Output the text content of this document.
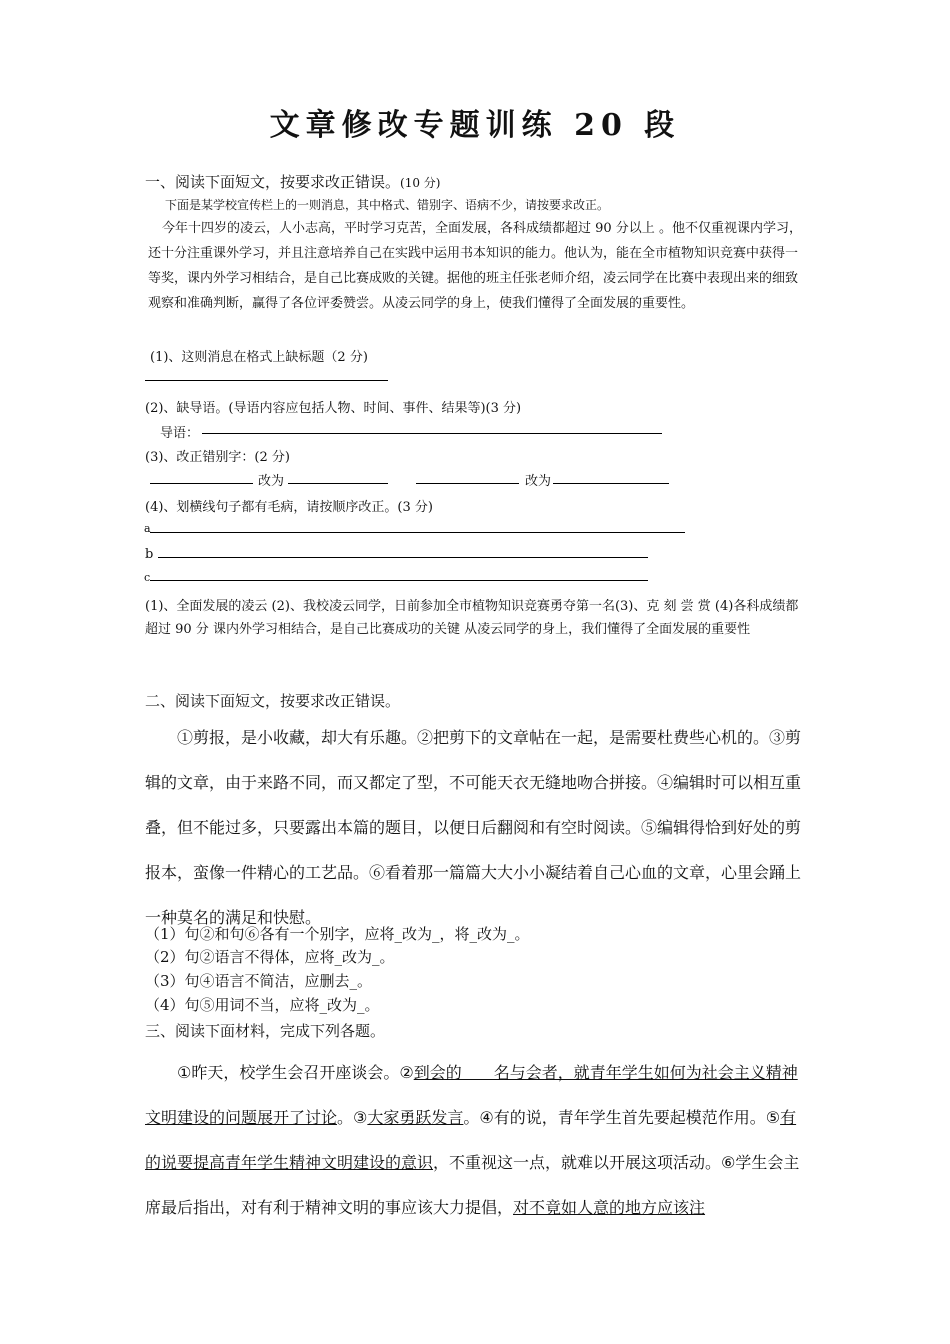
文章修改专题训练 20 段
一、阅读下面短文，按要求改正错误。(10 分)
下面是某学校宣传栏上的一则消息，其中格式、错别字、语病不少，请按要求改正。
今年十四岁的凌云，人小志高，平时学习克苦，全面发展，各科成绩都超过 90 分以上 。他不仅重视课内学习，还十分注重课外学习，并且注意培养自己在实践中运用书本知识的能力。他认为，能在全市植物知识竞赛中获得一等奖，课内外学习相结合，是自己比赛成败的关键。据他的班主任张老师介绍，凌云同学在比赛中表现出来的细致观察和准确判断，赢得了各位评委赞尝。从凌云同学的身上，使我们懂得了全面发展的重要性。
(1)、这则消息在格式上缺标题（2 分)
(2)、缺导语。(导语内容应包括人物、时间、事件、结果等)(3 分)
导语：
(3)、改正错别字：(2 分)
改为	改为
(4)、划横线句子都有毛病，请按顺序改正。(3 分)
a
b
c
(1)、全面发展的凌云 (2)、我校凌云同学，日前参加全市植物知识竞赛勇夺第一名(3)、克 刻 尝 赏 (4)各科成绩都超过 90 分 课内外学习相结合，是自己比赛成功的关键 从凌云同学的身上，我们懂得了全面发展的重要性
二、阅读下面短文，按要求改正错误。
①剪报，是小收藏，却大有乐趣。②把剪下的文章帖在一起，是需要杜费些心机的。③剪辑的文章，由于来路不同，而又都定了型，不可能天衣无缝地吻合拼接。④编辑时可以相互重叠，但不能过多，只要露出本篇的题目，以便日后翻阅和有空时阅读。⑤编辑得恰到好处的剪报本，蛮像一件精心的工艺品。⑥看着那一篇篇大大小小凝结着自己心血的文章，心里会踊上一种莫名的满足和快慰。
（1）句②和句⑥各有一个别字，应将_改为_，将_改为_。
（2）句②语言不得体，应将_改为_。
（3）句④语言不简洁，应删去_。
（4）句⑤用词不当，应将_改为_。
三、阅读下面材料，完成下列各题。
①昨天，校学生会召开座谈会。②到会的　　名与会者，就青年学生如何为社会主义精神文明建设的问题展开了讨论。③大家勇跃发言。④有的说，青年学生首先要起模范作用。⑤有的说要提高青年学生精神文明建设的意识，不重视这一点，就难以开展这项活动。⑥学生会主席最后指出，对有利于精神文明的事应该大力提倡，对不竟如人意的地方应该注
